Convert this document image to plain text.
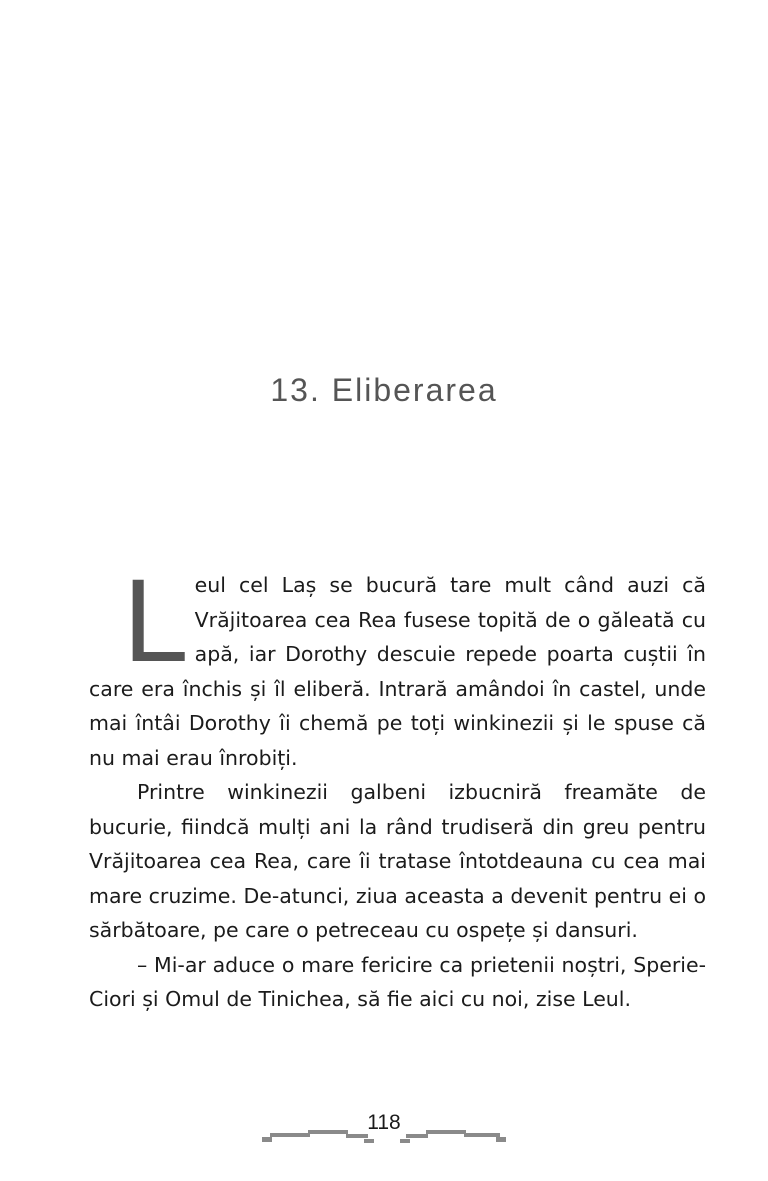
13. Eliberarea

L eul cel Laș se bucură tare mult când auzi că Vrăjitoarea cea Rea fusese topită de o găleată cu apă, iar Dorothy descuie repede poarta cuștii în care era închis și îl eliberă. Intrară amândoi în castel, unde mai întâi Dorothy îi chemă pe toți winkinezii și le spuse că nu mai erau înrobiți.

Printre winkinezii galbeni izbucniră freamăte de bucurie, fiindcă mulți ani la rând trudiseră din greu pentru Vrăjitoarea cea Rea, care îi tratase întotdeauna cu cea mai mare cruzime. De-atunci, ziua aceasta a devenit pentru ei o sărbătoare, pe care o petreceau cu ospețe și dansuri.

– Mi-ar aduce o mare fericire ca prietenii noștri, Sperie-Ciori și Omul de Tinichea, să fie aici cu noi, zise Leul.

118
